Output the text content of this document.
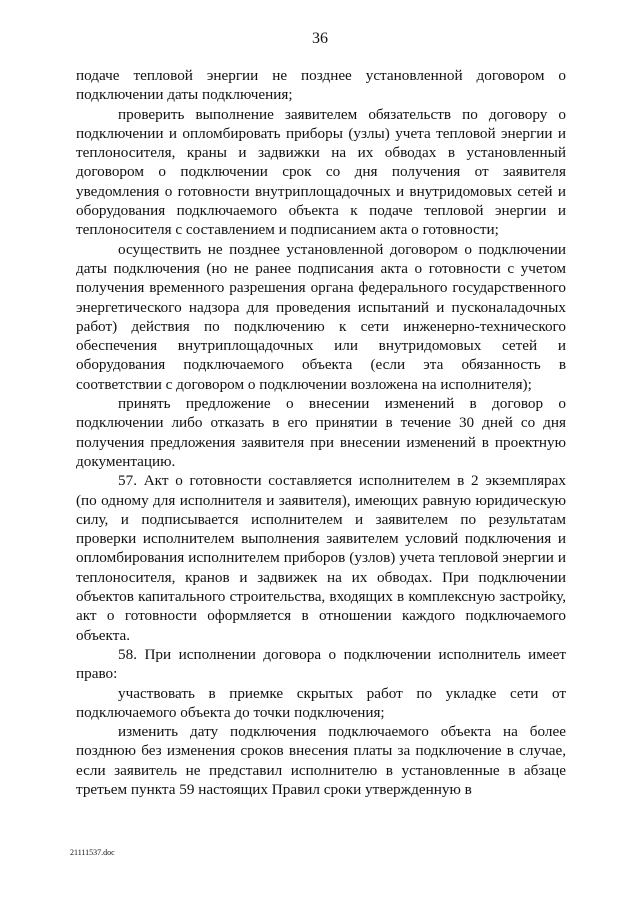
36

подаче тепловой энергии не позднее установленной договором о подключении даты подключения;

проверить выполнение заявителем обязательств по договору о подключении и опломбировать приборы (узлы) учета тепловой энергии и теплоносителя, краны и задвижки на их обводах в установленный договором о подключении срок со дня получения от заявителя уведомления о готовности внутриплощадочных и внутридомовых сетей и оборудования подключаемого объекта к подаче тепловой энергии и теплоносителя с составлением и подписанием акта о готовности;

осуществить не позднее установленной договором о подключении даты подключения (но не ранее подписания акта о готовности с учетом получения временного разрешения органа федерального государственного энергетического надзора для проведения испытаний и пусконаладочных работ) действия по подключению к сети инженерно-технического обеспечения внутриплощадочных или внутридомовых сетей и оборудования подключаемого объекта (если эта обязанность в соответствии с договором о подключении возложена на исполнителя);

принять предложение о внесении изменений в договор о подключении либо отказать в его принятии в течение 30 дней со дня получения предложения заявителя при внесении изменений в проектную документацию.

57. Акт о готовности составляется исполнителем в 2 экземплярах (по одному для исполнителя и заявителя), имеющих равную юридическую силу, и подписывается исполнителем и заявителем по результатам проверки исполнителем выполнения заявителем условий подключения и опломбирования исполнителем приборов (узлов) учета тепловой энергии и теплоносителя, кранов и задвижек на их обводах. При подключении объектов капитального строительства, входящих в комплексную застройку, акт о готовности оформляется в отношении каждого подключаемого объекта.

58. При исполнении договора о подключении исполнитель имеет право:

участвовать в приемке скрытых работ по укладке сети от подключаемого объекта до точки подключения;

изменить дату подключения подключаемого объекта на более позднюю без изменения сроков внесения платы за подключение в случае, если заявитель не представил исполнителю в установленные в абзаце третьем пункта 59 настоящих Правил сроки утвержденную в

21111537.doc
